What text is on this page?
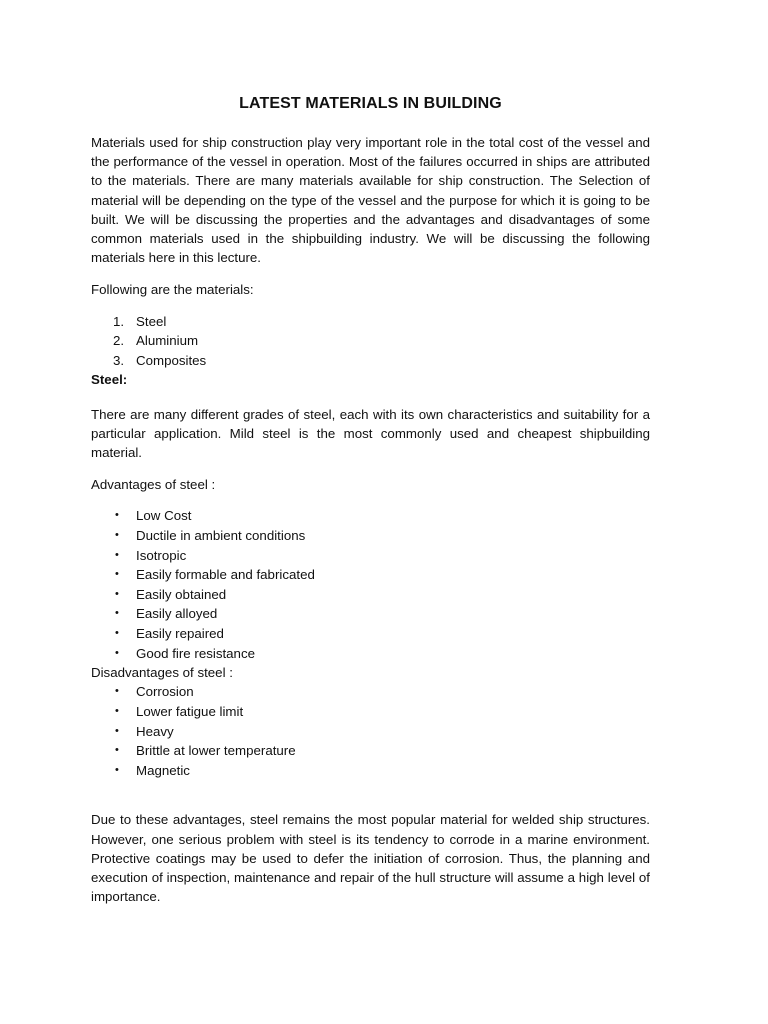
LATEST MATERIALS IN BUILDING

Materials used for ship construction play very important role in the total cost of the vessel and the performance of the vessel in operation. Most of the failures occurred in ships are attributed to the materials. There are many materials available for ship construction. The Selection of material will be depending on the type of the vessel and the purpose for which it is going to be built. We will be discussing the properties and the advantages and disadvantages of some common materials used in the shipbuilding industry. We will be discussing the following materials here in this lecture.

Following are the materials:

1. Steel
2. Aluminium
3. Composites

Steel:

There are many different grades of steel, each with its own characteristics and suitability for a particular application. Mild steel is the most commonly used and cheapest shipbuilding material.

Advantages of steel :

• Low Cost
• Ductile in ambient conditions
• Isotropic
• Easily formable and fabricated
• Easily obtained
• Easily alloyed
• Easily repaired
• Good fire resistance

Disadvantages of steel :

• Corrosion
• Lower fatigue limit
• Heavy
• Brittle at lower temperature
• Magnetic

Due to these advantages, steel remains the most popular material for welded ship structures. However, one serious problem with steel is its tendency to corrode in a marine environment. Protective coatings may be used to defer the initiation of corrosion. Thus, the planning and execution of inspection, maintenance and repair of the hull structure will assume a high level of importance.
